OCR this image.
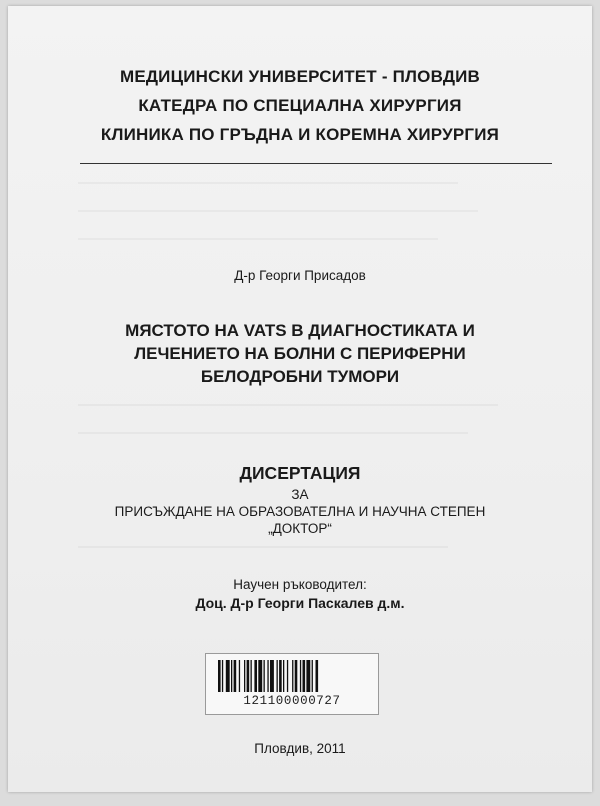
МЕДИЦИНСКИ УНИВЕРСИТЕТ - ПЛОВДИВ
КАТЕДРА ПО СПЕЦИАЛНА ХИРУРГИЯ
КЛИНИКА ПО ГРЪДНА И КОРЕМНА ХИРУРГИЯ
Д-р Георги Присадов
МЯСТОТО НА VATS В ДИАГНОСТИКАТА И
ЛЕЧЕНИЕТО НА БОЛНИ С ПЕРИФЕРНИ
БЕЛОДРОБНИ ТУМОРИ
ДИСЕРТАЦИЯ
ЗА
ПРИСЪЖДАНЕ НА ОБРАЗОВАТЕЛНА И НАУЧНА СТЕПЕН
„ДОКТОР“
Научен ръководител:
Доц. Д-р Георги Паскалев д.м.
121100000727
Пловдив, 2011
